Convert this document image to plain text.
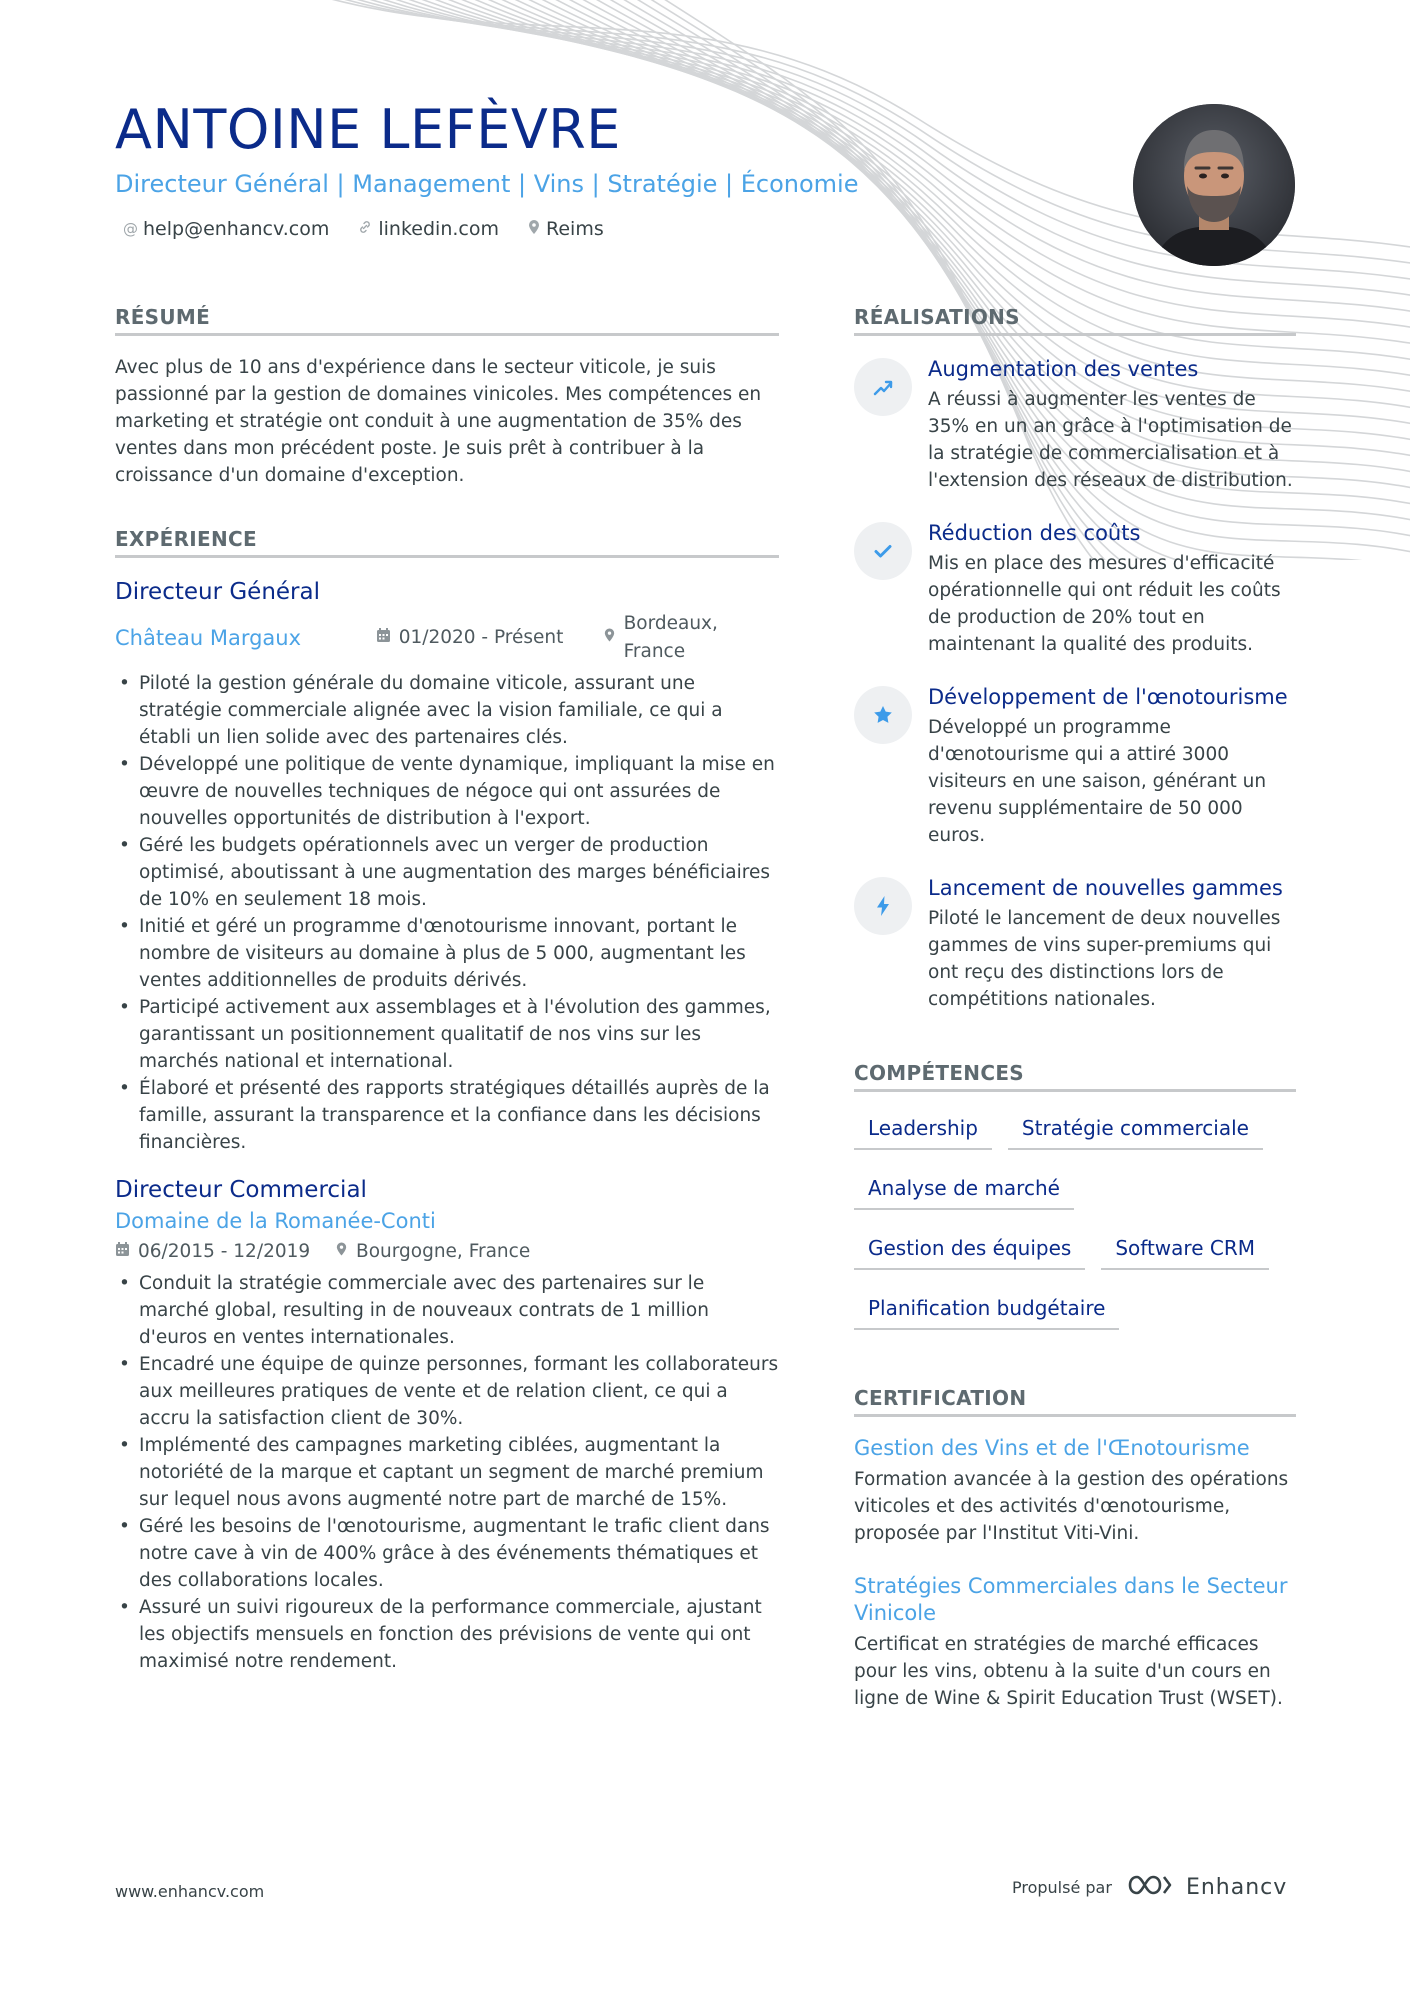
ANTOINE LEFÈVRE
Directeur Général | Management | Vins | Stratégie | Économie
@ help@enhancv.com	linkedin.com Reims
RÉSUMÉ

Avec plus de 10 ans d'expérience dans le secteur viticole, je suis passionné par la gestion de domaines vinicoles. Mes compétences en marketing et stratégie ont conduit à une augmentation de 35% des ventes dans mon précédent poste. Je suis prêt à contribuer à la croissance d'un domaine d'exception.

EXPÉRIENCE
Directeur Général
Château Margaux	01/2020 - Présent
Bordeaux, France
• Piloté la gestion générale du domaine viticole, assurant une stratégie commerciale alignée avec la vision familiale, ce qui a établi un lien solide avec des partenaires clés.
• Développé une politique de vente dynamique, impliquant la mise en œuvre de nouvelles techniques de négoce qui ont assurées de nouvelles opportunités de distribution à l'export.
• Géré les budgets opérationnels avec un verger de production optimisé, aboutissant à une augmentation des marges bénéficiaires de 10% en seulement 18 mois.
• Initié et géré un programme d'œnotourisme innovant, portant le nombre de visiteurs au domaine à plus de 5 000, augmentant les ventes additionnelles de produits dérivés.
• Participé activement aux assemblages et à l'évolution des gammes, garantissant un positionnement qualitatif de nos vins sur les marchés national et international.
• Élaboré et présenté des rapports stratégiques détaillés auprès de la famille, assurant la transparence et la confiance dans les décisions financières.
Directeur Commercial
Domaine de la Romanée-Conti
06/2015 - 12/2019 Bourgogne, France
• Conduit la stratégie commerciale avec des partenaires sur le marché global, resulting in de nouveaux contrats de 1 million d'euros en ventes internationales.
• Encadré une équipe de quinze personnes, formant les collaborateurs aux meilleures pratiques de vente et de relation client, ce qui a accru la satisfaction client de 30%.
• Implémenté des campagnes marketing ciblées, augmentant la notoriété de la marque et captant un segment de marché premium sur lequel nous avons augmenté notre part de marché de 15%.
• Géré les besoins de l'œnotourisme, augmentant le trafic client dans notre cave à vin de 400% grâce à des événements thématiques et des collaborations locales.
• Assuré un suivi rigoureux de la performance commerciale, ajustant les objectifs mensuels en fonction des prévisions de vente qui ont maximisé notre rendement.
RÉALISATIONS
Augmentation des ventes
A réussi à augmenter les ventes de 35% en un an grâce à l'optimisation de la stratégie de commercialisation et à l'extension des réseaux de distribution.
Réduction des coûts
Mis en place des mesures d'efficacité opérationnelle qui ont réduit les coûts de production de 20% tout en maintenant la qualité des produits.
Développement de l'œnotourisme
Développé un programme d'œnotourisme qui a attiré 3000 visiteurs en une saison, générant un revenu supplémentaire de 50 000 euros.
Lancement de nouvelles gammes
Piloté le lancement de deux nouvelles gammes de vins super-premiums qui ont reçu des distinctions lors de compétitions nationales.
COMPÉTENCES
Leadership	Stratégie commerciale
Analyse de marché
Gestion des équipes	Software CRM
Planification budgétaire
CERTIFICATION
Gestion des Vins et de l'Œnotourisme
Formation avancée à la gestion des opérations viticoles et des activités d'œnotourisme, proposée par l'Institut Viti-Vini.
Stratégies Commerciales dans le Secteur Vinicole
Certificat en stratégies de marché efficaces pour les vins, obtenu à la suite d'un cours en ligne de Wine & Spirit Education Trust (WSET).
www.enhancv.com	Propulsé par	Enhancv
